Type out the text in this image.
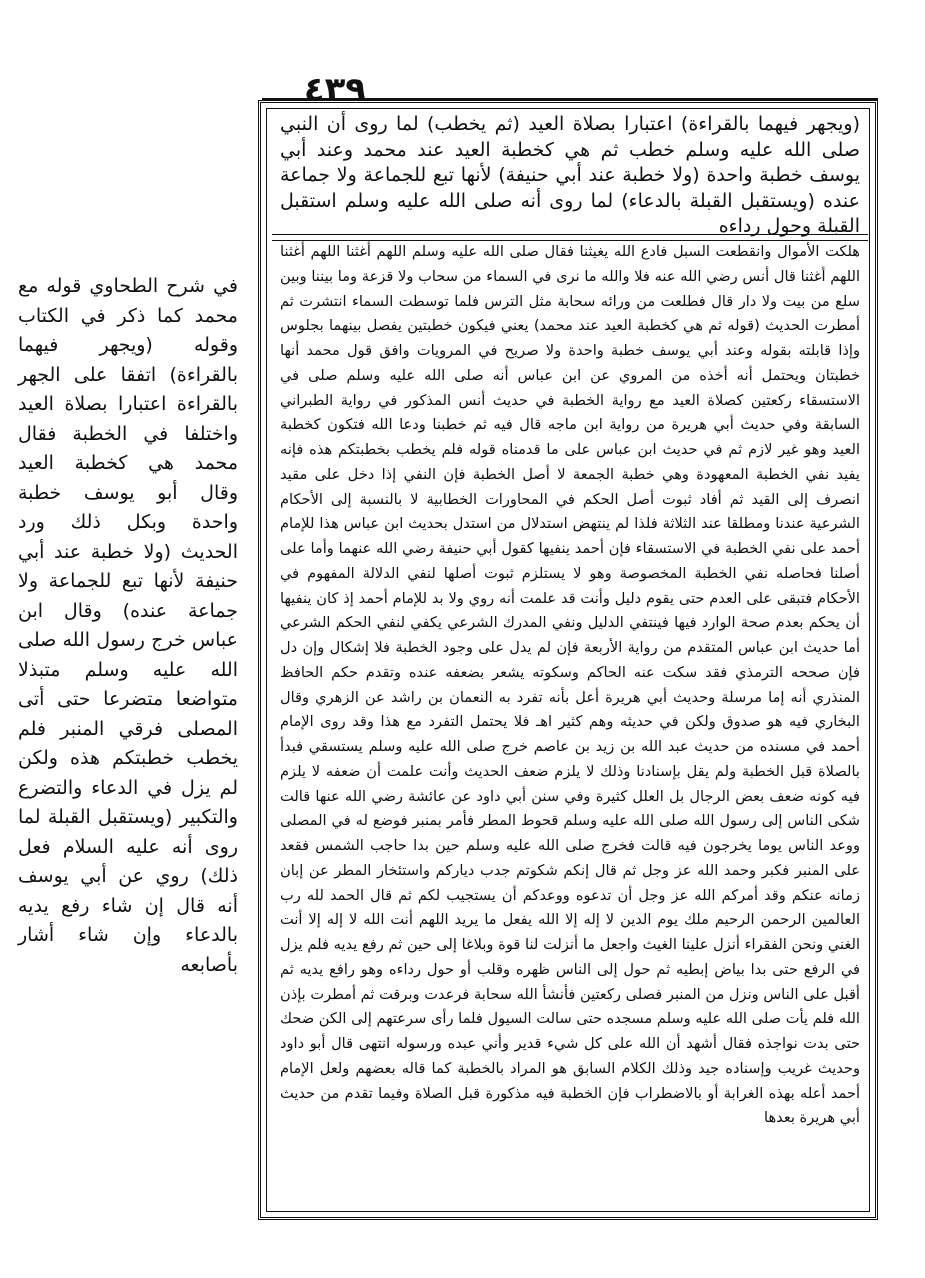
٤٣٩

(ويجهر فيهما بالقراءة) اعتبارا بصلاة العيد (ثم يخطب) لما روى أن النبي صلى الله عليه وسلم خطب ثم هي كخطبة العيد عند محمد وعند أبي يوسف خطبة واحدة (ولا خطبة عند أبي حنيفة) لأنها تبع للجماعة ولا جماعة عنده (ويستقبل القبلة بالدعاء) لما روى أنه صلى الله عليه وسلم استقبل القبلة وحول رداءه

هلكت الأموال وانقطعت السبل فادع الله يغيثنا فقال صلى الله عليه وسلم اللهم أغثنا اللهم أغثنا اللهم أغثنا قال أنس رضي الله عنه فلا والله ما نرى في السماء من سحاب ولا قزعة وما بيننا وبين سلع من بيت ولا دار قال فطلعت من ورائه سحابة مثل الترس فلما توسطت السماء انتشرت ثم أمطرت الحديث (قوله ثم هي كخطبة العيد عند محمد) يعني فيكون خطبتين يفصل بينهما بجلوس وإذا قابلته بقوله وعند أبي يوسف خطبة واحدة ولا صريح في المرويات وافق قول محمد أنها خطبتان ويحتمل أنه أخذه من المروي عن ابن عباس أنه صلى الله عليه وسلم صلى في الاستسقاء ركعتين كصلاة العيد مع رواية الخطبة في حديث أنس المذكور في رواية الطبراني السابقة وفي حديث أبي هريرة من رواية ابن ماجه قال فيه ثم خطبنا ودعا الله فتكون كخطبة العيد وهو غير لازم ثم في حديث ابن عباس على ما قدمناه قوله فلم يخطب بخطبتكم هذه فإنه يفيد نفي الخطبة المعهودة وهي خطبة الجمعة لا أصل الخطبة فإن النفي إذا دخل على مقيد انصرف إلى القيد ثم أفاد ثبوت أصل الحكم في المحاورات الخطابية لا بالنسبة إلى الأحكام الشرعية عندنا ومطلقا عند الثلاثة فلذا لم ينتهض استدلال من استدل بحديث ابن عباس هذا للإمام أحمد على نفي الخطبة في الاستسقاء فإن أحمد ينفيها كقول أبي حنيفة رضي الله عنهما وأما على أصلنا فحاصله نفي الخطبة المخصوصة وهو لا يستلزم ثبوت أصلها لنفي الدلالة المفهوم في الأحكام فتبقى على العدم حتى يقوم دليل وأنت قد علمت أنه روي ولا بد للإمام أحمد إذ كان ينفيها أن يحكم بعدم صحة الوارد فيها فينتفي الدليل ونفي المدرك الشرعي يكفي لنفي الحكم الشرعي أما حديث ابن عباس المتقدم من رواية الأربعة فإن لم يدل على وجود الخطبة فلا إشكال وإن دل فإن صححه الترمذي فقد سكت عنه الحاكم وسكوته يشعر بضعفه عنده وتقدم حكم الحافظ المنذري أنه إما مرسلة وحديث أبي هريرة أعل بأنه تفرد به النعمان بن راشد عن الزهري وقال البخاري فيه هو صدوق ولكن في حديثه وهم كثير اهـ فلا يحتمل التفرد مع هذا وقد روى الإمام أحمد في مسنده من حديث عبد الله بن زيد بن عاصم خرج صلى الله عليه وسلم يستسقي فبدأ بالصلاة قبل الخطبة ولم يقل بإسنادنا وذلك لا يلزم ضعف الحديث وأنت علمت أن ضعفه لا يلزم فيه كونه ضعف بعض الرجال بل العلل كثيرة وفي سنن أبي داود عن عائشة رضي الله عنها قالت شكى الناس إلى رسول الله صلى الله عليه وسلم قحوط المطر فأمر بمنبر فوضع له في المصلى ووعد الناس يوما يخرجون فيه قالت فخرج صلى الله عليه وسلم حين بدا حاجب الشمس فقعد على المنبر فكبر وحمد الله عز وجل ثم قال إنكم شكوتم جدب دياركم واستئخار المطر عن إبان زمانه عنكم وقد أمركم الله عز وجل أن تدعوه ووعدكم أن يستجيب لكم ثم قال الحمد لله رب العالمين الرحمن الرحيم ملك يوم الدين لا إله إلا الله يفعل ما يريد اللهم أنت الله لا إله إلا أنت الغني ونحن الفقراء أنزل علينا الغيث واجعل ما أنزلت لنا قوة وبلاغا إلى حين ثم رفع يديه فلم يزل في الرفع حتى بدا بياض إبطيه ثم حول إلى الناس ظهره وقلب أو حول رداءه وهو رافع يديه ثم أقبل على الناس ونزل من المنبر فصلى ركعتين فأنشأ الله سحابة فرعدت وبرقت ثم أمطرت بإذن الله فلم يأت صلى الله عليه وسلم مسجده حتى سالت السيول فلما رأى سرعتهم إلى الكن ضحك حتى بدت نواجذه فقال أشهد أن الله على كل شيء قدير وأني عبده ورسوله انتهى قال أبو داود وحديث غريب وإسناده جيد وذلك الكلام السابق هو المراد بالخطبة كما قاله بعضهم ولعل الإمام أحمد أعله بهذه الغرابة أو بالاضطراب فإن الخطبة فيه مذكورة قبل الصلاة وفيما تقدم من حديث أبي هريرة بعدها

في شرح الطحاوي قوله مع محمد كما ذكر في الكتاب وقوله (ويجهر فيهما بالقراءة) اتفقا على الجهر بالقراءة اعتبارا بصلاة العيد واختلفا في الخطبة فقال محمد هي كخطبة العيد وقال أبو يوسف خطبة واحدة وبكل ذلك ورد الحديث (ولا خطبة عند أبي حنيفة لأنها تبع للجماعة ولا جماعة عنده) وقال ابن عباس خرج رسول الله صلى الله عليه وسلم متبذلا متواضعا متضرعا حتى أتى المصلى فرقي المنبر فلم يخطب خطبتكم هذه ولكن لم يزل في الدعاء والتضرع والتكبير (ويستقبل القبلة لما روى أنه عليه السلام فعل ذلك) روي عن أبي يوسف أنه قال إن شاء رفع يديه بالدعاء وإن شاء أشار بأصابعه
